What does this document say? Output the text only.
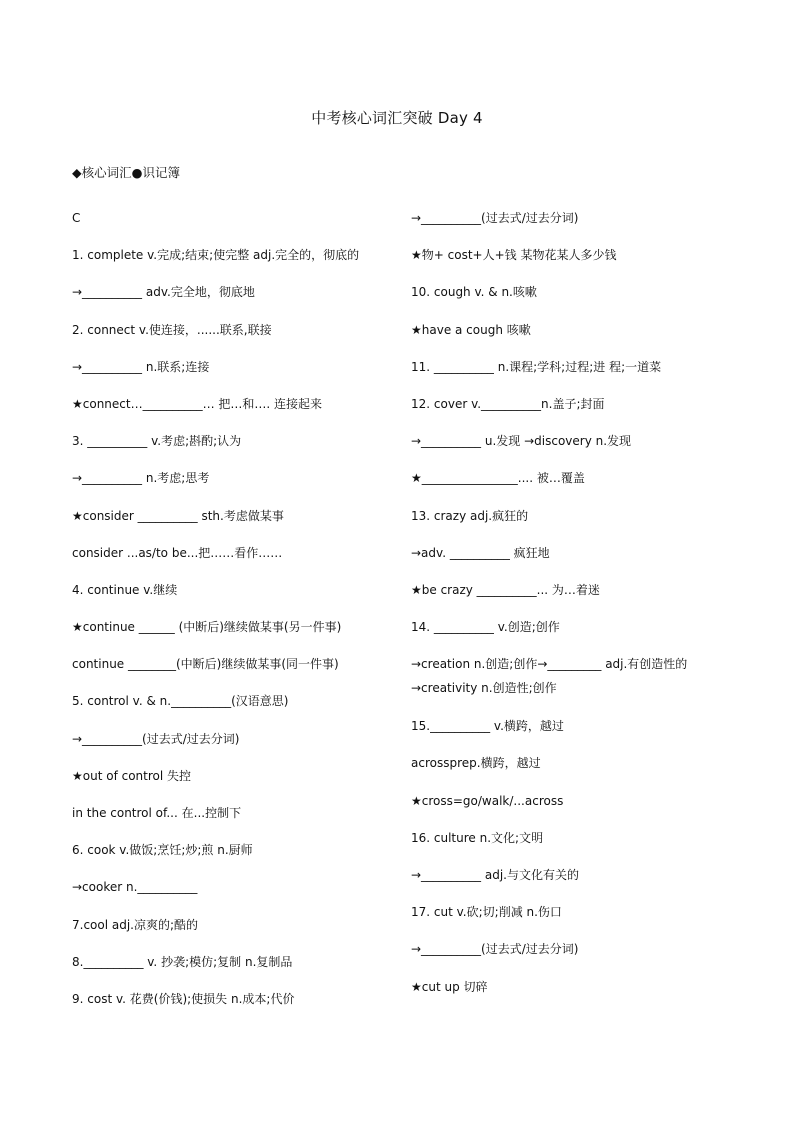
中考核心词汇突破 Day 4
◆核心词汇●识记簿
C
1. complete v.完成;结束;使完整 adj.完全的，彻底的
→__________ adv.完全地，彻底地
2. connect v.使连接，......联系,联接
→__________ n.联系;连接
★connect…__________… 把…和…. 连接起来
3. __________ v.考虑;斟酌;认为
→__________ n.考虑;思考
★consider __________ sth.考虑做某事
consider ...as/to be...把……看作……
4. continue v.继续
★continue ______ (中断后)继续做某事(另一件事)
continue ________(中断后)继续做某事(同一件事)
5. control v. & n.__________(汉语意思)
→__________(过去式/过去分词)
★out of control 失控
in the control of... 在...控制下
6. cook v.做饭;烹饪;炒;煎 n.厨师
→cooker n.__________
7.cool adj.凉爽的;酷的
8.__________ v. 抄袭;模仿;复制 n.复制品
9. cost v. 花费(价钱);使损失 n.成本;代价
→__________(过去式/过去分词)
★物+ cost+人+钱 某物花某人多少钱
10. cough v. & n.咳嗽
★have a cough 咳嗽
11. __________ n.课程;学科;过程;进 程;一道菜
12. cover v.__________n.盖子;封面
→__________ u.发现 →discovery n.发现
★________________.... 被…覆盖
13. crazy adj.疯狂的
→adv. __________ 疯狂地
★be crazy __________... 为…着迷
14. __________ v.创造;创作
→creation n.创造;创作→_________ adj.有创造性的
→creativity n.创造性;创作
15.__________ v.横跨，越过
acrossprep.横跨，越过
★cross=go/walk/...across
16. culture n.文化;文明
→__________ adj.与文化有关的
17. cut v.砍;切;削减 n.伤口
→__________(过去式/过去分词)
★cut up 切碎
